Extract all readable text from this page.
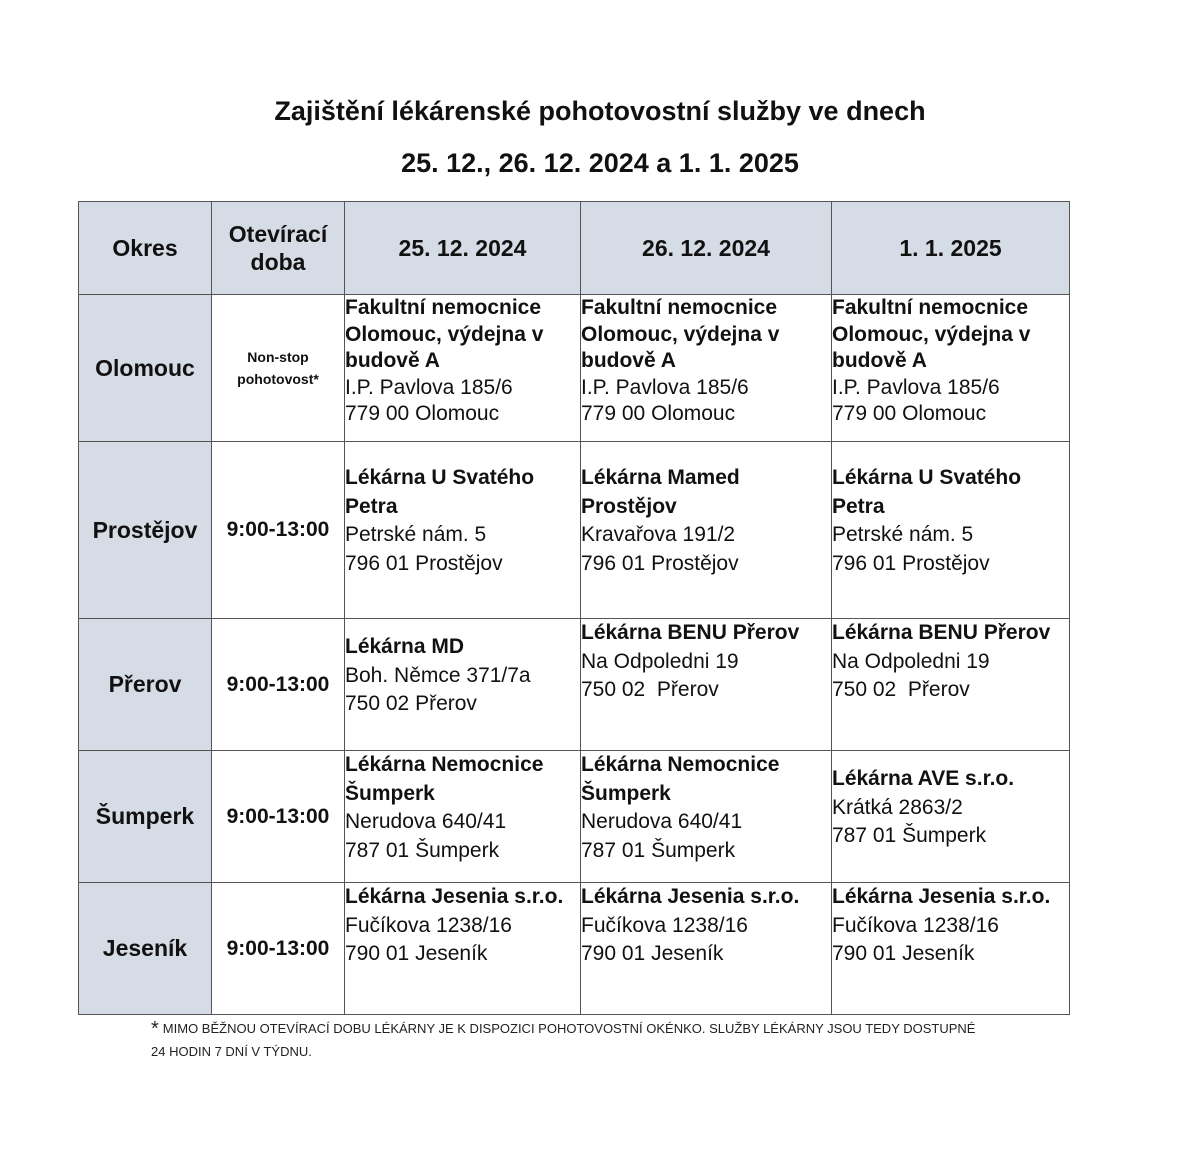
Zajištění lékárenské pohotovostní služby ve dnech
25. 12., 26. 12. 2024 a 1. 1. 2025
Okres	Otevírací doba	25. 12. 2024	26. 12. 2024	1. 1. 2025
Olomouc	Non-stop pohotovost*	Fakultní nemocnice Olomouc, výdejna v budově A
I.P. Pavlova 185/6
779 00 Olomouc	Fakultní nemocnice Olomouc, výdejna v budově A
I.P. Pavlova 185/6
779 00 Olomouc	Fakultní nemocnice Olomouc, výdejna v budově A
I.P. Pavlova 185/6
779 00 Olomouc

Prostějov	9:00-13:00	Lékárna U Svatého Petra
Petrské nám. 5
796 01 Prostějov	Lékárna Mamed Prostějov
Kravařova 191/2
796 01 Prostějov	Lékárna U Svatého Petra
Petrské nám. 5
796 01 Prostějov

Přerov	9:00-13:00	Lékárna MD
Boh. Němce 371/7a
750 02 Přerov	Lékárna BENU Přerov
Na Odpoledni 19
750 02  Přerov	Lékárna BENU Přerov
Na Odpoledni 19
750 02  Přerov

Šumperk	9:00-13:00	Lékárna Nemocnice Šumperk
Nerudova 640/41
787 01 Šumperk	Lékárna Nemocnice Šumperk
Nerudova 640/41
787 01 Šumperk	Lékárna AVE s.r.o.
Krátká 2863/2
787 01 Šumperk

Jeseník	9:00-13:00	Lékárna Jesenia s.r.o.
Fučíkova 1238/16
790 01 Jeseník	Lékárna Jesenia s.r.o.
Fučíkova 1238/16
790 01 Jeseník	Lékárna Jesenia s.r.o.
Fučíkova 1238/16
790 01 Jeseník
* MIMO BĚŽNOU OTEVÍRACÍ DOBU LÉKÁRNY JE K DISPOZICI POHOTOVOSTNÍ OKÉNKO. SLUŽBY LÉKÁRNY JSOU TEDY DOSTUPNÉ
24 HODIN 7 DNÍ V TÝDNU.
